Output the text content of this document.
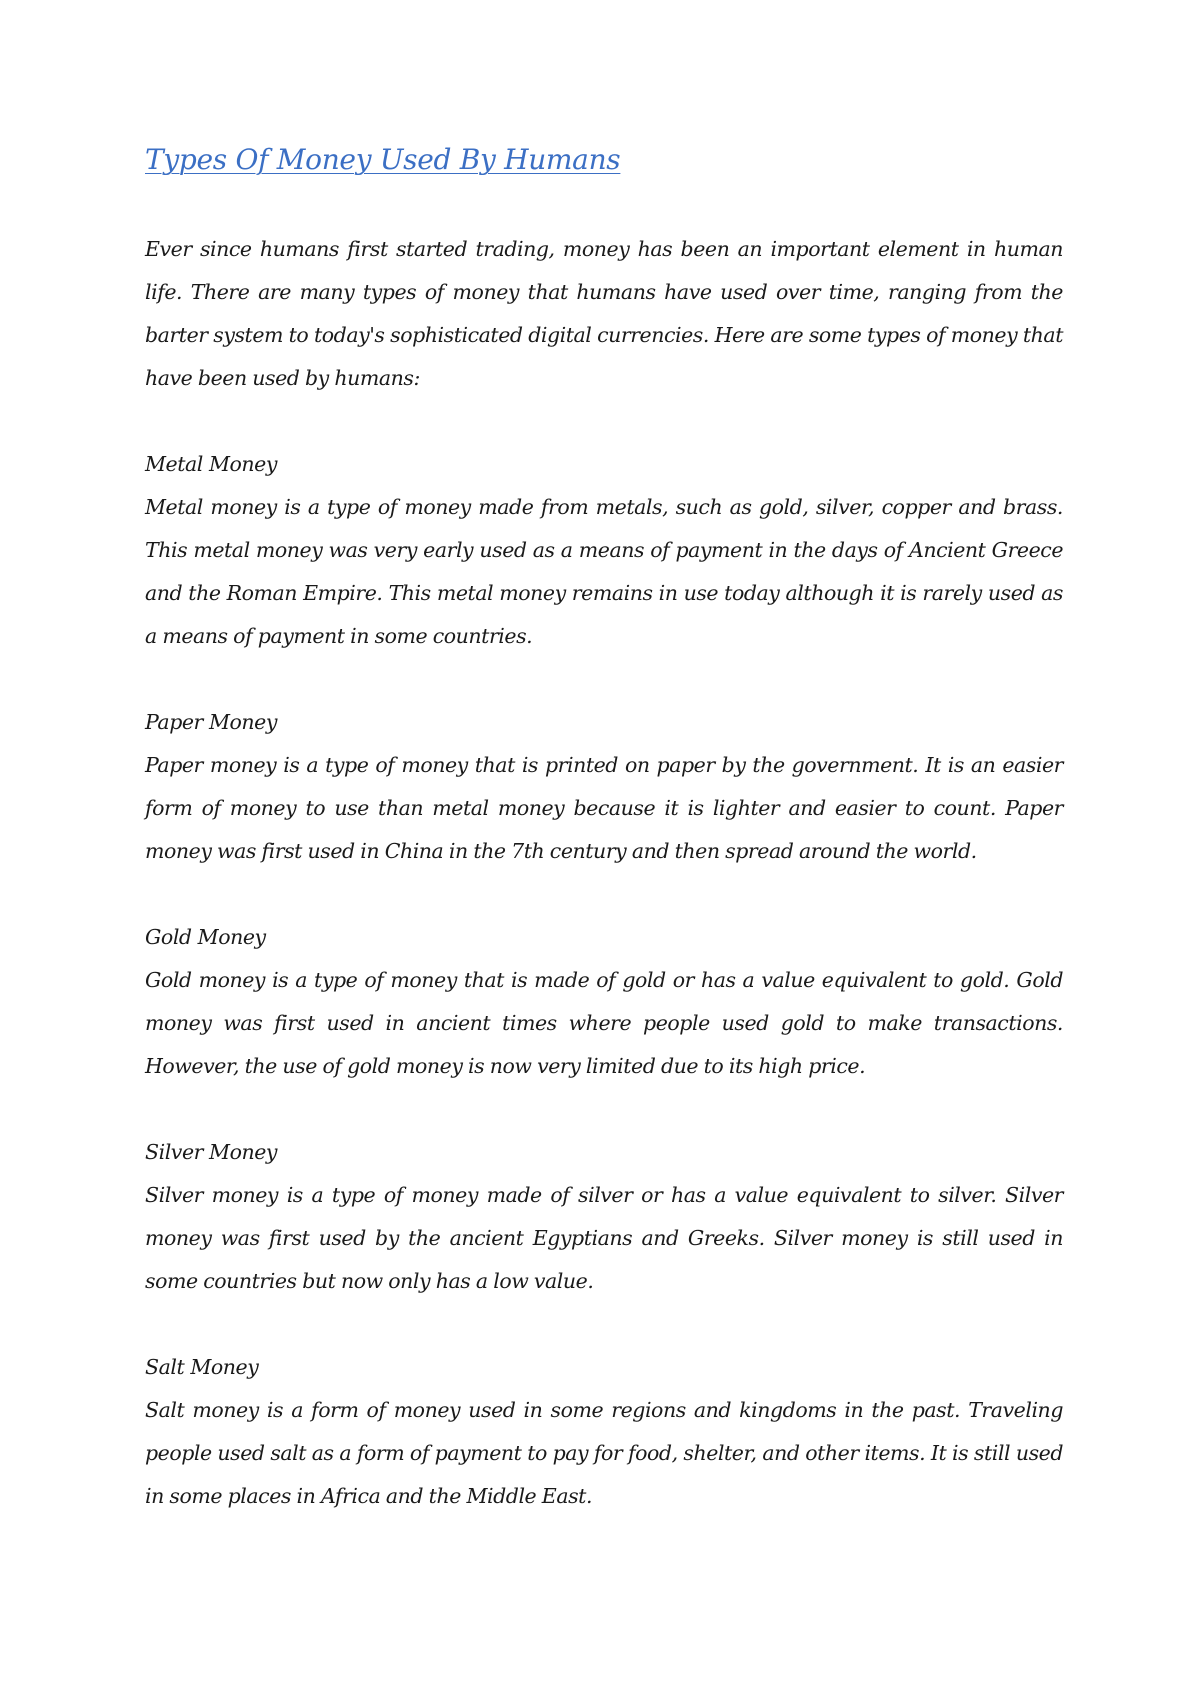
Types Of Money Used By Humans

Ever since humans first started trading, money has been an important element in human life. There are many types of money that humans have used over time, ranging from the barter system to today's sophisticated digital currencies. Here are some types of money that have been used by humans:

Metal Money

Metal money is a type of money made from metals, such as gold, silver, copper and brass. This metal money was very early used as a means of payment in the days of Ancient Greece and the Roman Empire. This metal money remains in use today although it is rarely used as a means of payment in some countries.

Paper Money

Paper money is a type of money that is printed on paper by the government. It is an easier form of money to use than metal money because it is lighter and easier to count. Paper money was first used in China in the 7th century and then spread around the world.

Gold Money

Gold money is a type of money that is made of gold or has a value equivalent to gold. Gold money was first used in ancient times where people used gold to make transactions. However, the use of gold money is now very limited due to its high price.

Silver Money

Silver money is a type of money made of silver or has a value equivalent to silver. Silver money was first used by the ancient Egyptians and Greeks. Silver money is still used in some countries but now only has a low value.

Salt Money

Salt money is a form of money used in some regions and kingdoms in the past. Traveling people used salt as a form of payment to pay for food, shelter, and other items. It is still used in some places in Africa and the Middle East.
